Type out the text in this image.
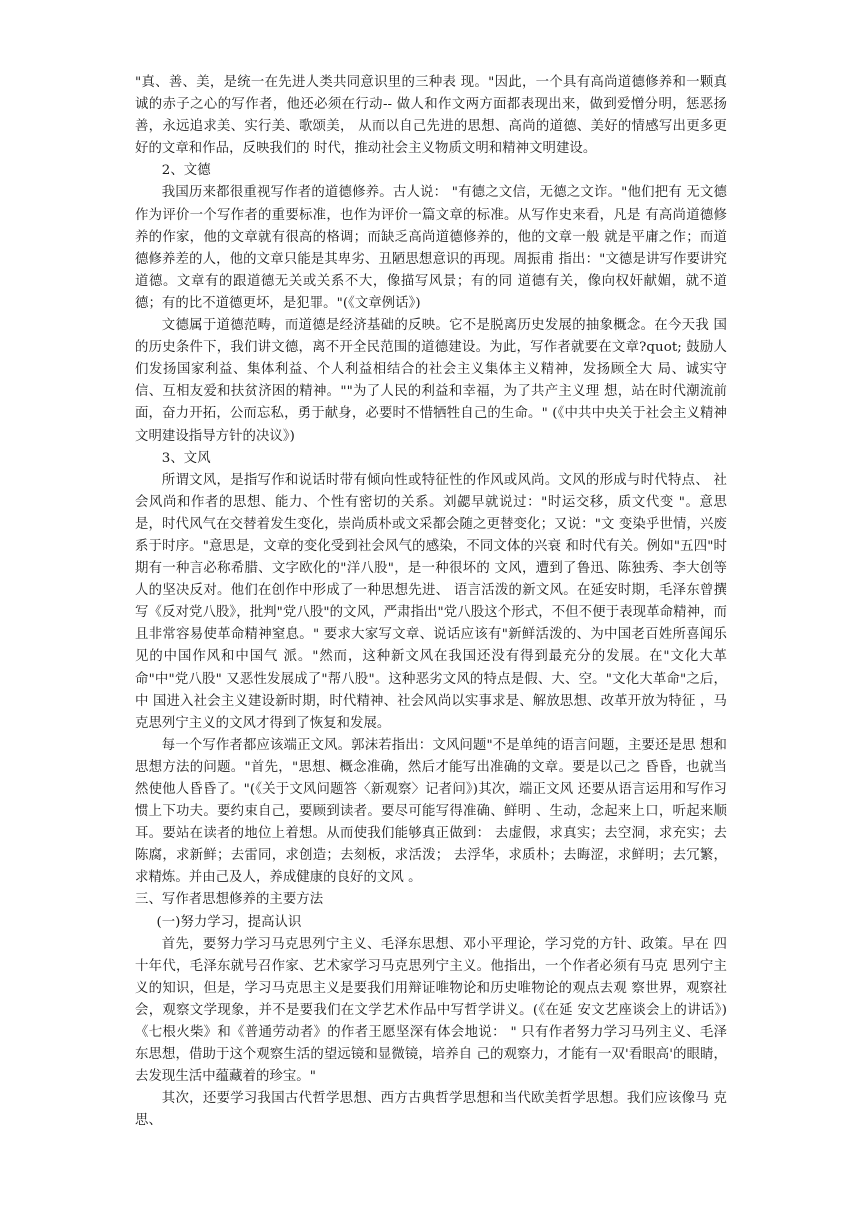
"真、善、美，是统一在先进人类共同意识里的三种表 现。"因此，一个具有高尚道德修养和一颗真诚的赤子之心的写作者，他还必须在行动-- 做人和作文两方面都表现出来，做到爱憎分明，惩恶扬善，永远追求美、实行美、歌颂美， 从而以自己先进的思想、高尚的道德、美好的情感写出更多更好的文章和作品，反映我们的 时代，推动社会主义物质文明和精神文明建设。

2、文德

我国历来都很重视写作者的道德修养。古人说： "有德之文信，无德之文诈。"他们把有 无文德作为评价一个写作者的重要标准，也作为评价一篇文章的标准。从写作史来看，凡是 有高尚道德修养的作家，他的文章就有很高的格调；而缺乏高尚道德修养的，他的文章一般 就是平庸之作；而道德修养差的人，他的文章只能是其卑劣、丑陋思想意识的再现。周振甫 指出："文德是讲写作要讲究道德。文章有的跟道德无关或关系不大，像描写风景；有的同 道德有关，像向权奸献媚，就不道德；有的比不道德更坏，是犯罪。"(《文章例话》)

文德属于道德范畴，而道德是经济基础的反映。它不是脱离历史发展的抽象概念。在今天我 国的历史条件下，我们讲文德，离不开全民范围的道德建设。为此，写作者就要在文章?quot; 鼓励人们发扬国家利益、集体利益、个人利益相结合的社会主义集体主义精神，发扬顾全大 局、诚实守信、互相友爱和扶贫济困的精神。""为了人民的利益和幸福，为了共产主义理 想，站在时代潮流前面，奋力开拓，公而忘私，勇于献身，必要时不惜牺牲自己的生命。" (《中共中央关于社会主义精神文明建设指导方针的决议》)

3、文风

所谓文风，是指写作和说话时带有倾向性或特征性的作风或风尚。文风的形成与时代特点、 社会风尚和作者的思想、能力、个性有密切的关系。刘勰早就说过："时运交移，质文代变 "。意思是，时代风气在交替着发生变化，崇尚质朴或文采都会随之更替变化；又说："文 变染乎世情，兴废系于时序。"意思是，文章的变化受到社会风气的感染，不同文体的兴衰 和时代有关。例如"五四"时期有一种言必称希腊、文字欧化的"洋八股"，是一种很坏的 文风，遭到了鲁迅、陈独秀、李大创等人的坚决反对。他们在创作中形成了一种思想先进、 语言活泼的新文风。在延安时期，毛泽东曾撰写《反对党八股》，批判"党八股"的文风，严肃指出"党八股这个形式，不但不便于表现革命精神，而且非常容易使革命精神窒息。" 要求大家写文章、说话应该有"新鲜活泼的、为中国老百姓所喜闻乐见的中国作风和中国气 派。"然而，这种新文风在我国还没有得到最充分的发展。在"文化大革命"中"党八股" 又恶性发展成了"帮八股"。这种恶劣文风的特点是假、大、空。"文化大革命"之后，中 国进入社会主义建设新时期，时代精神、社会风尚以实事求是、解放思想、改革开放为特征 ，马克思列宁主义的文风才得到了恢复和发展。

每一个写作者都应该端正文风。郭沫若指出：文风问题"不是单纯的语言问题，主要还是思 想和思想方法的问题。"首先，"思想、概念准确，然后才能写出准确的文章。要是以己之 昏昏，也就当然使他人昏昏了。"(《关于文风问题答〈新观察〉记者问》)其次，端正文风 还要从语言运用和写作习惯上下功夫。要约束自己，要顾到读者。要尽可能写得准确、鲜明 、生动，念起来上口，听起来顺耳。要站在读者的地位上着想。从而使我们能够真正做到： 去虚假，求真实；去空洞，求充实；去陈腐，求新鲜；去雷同，求创造；去刻板，求活泼； 去浮华，求质朴；去晦涩，求鲜明；去冗繁，求精炼。并由己及人，养成健康的良好的文风 。

三、写作者思想修养的主要方法

(一)努力学习，提高认识

首先，要努力学习马克思列宁主义、毛泽东思想、邓小平理论，学习党的方针、政策。早在 四十年代，毛泽东就号召作家、艺术家学习马克思列宁主义。他指出，一个作者必须有马克 思列宁主义的知识，但是，学习马克思主义是要我们用辩证唯物论和历史唯物论的观点去观 察世界，观察社会，观察文学现象，并不是要我们在文学艺术作品中写哲学讲义。(《在延 安文艺座谈会上的讲话》)《七根火柴》和《普通劳动者》的作者王愿坚深有体会地说： " 只有作者努力学习马列主义、毛泽东思想，借助于这个观察生活的望远镜和显微镜，培养自 己的观察力，才能有一双'看眼高'的眼睛，去发现生活中蕴藏着的珍宝。"

其次，还要学习我国古代哲学思想、西方古典哲学思想和当代欧美哲学思想。我们应该像马 克思、
